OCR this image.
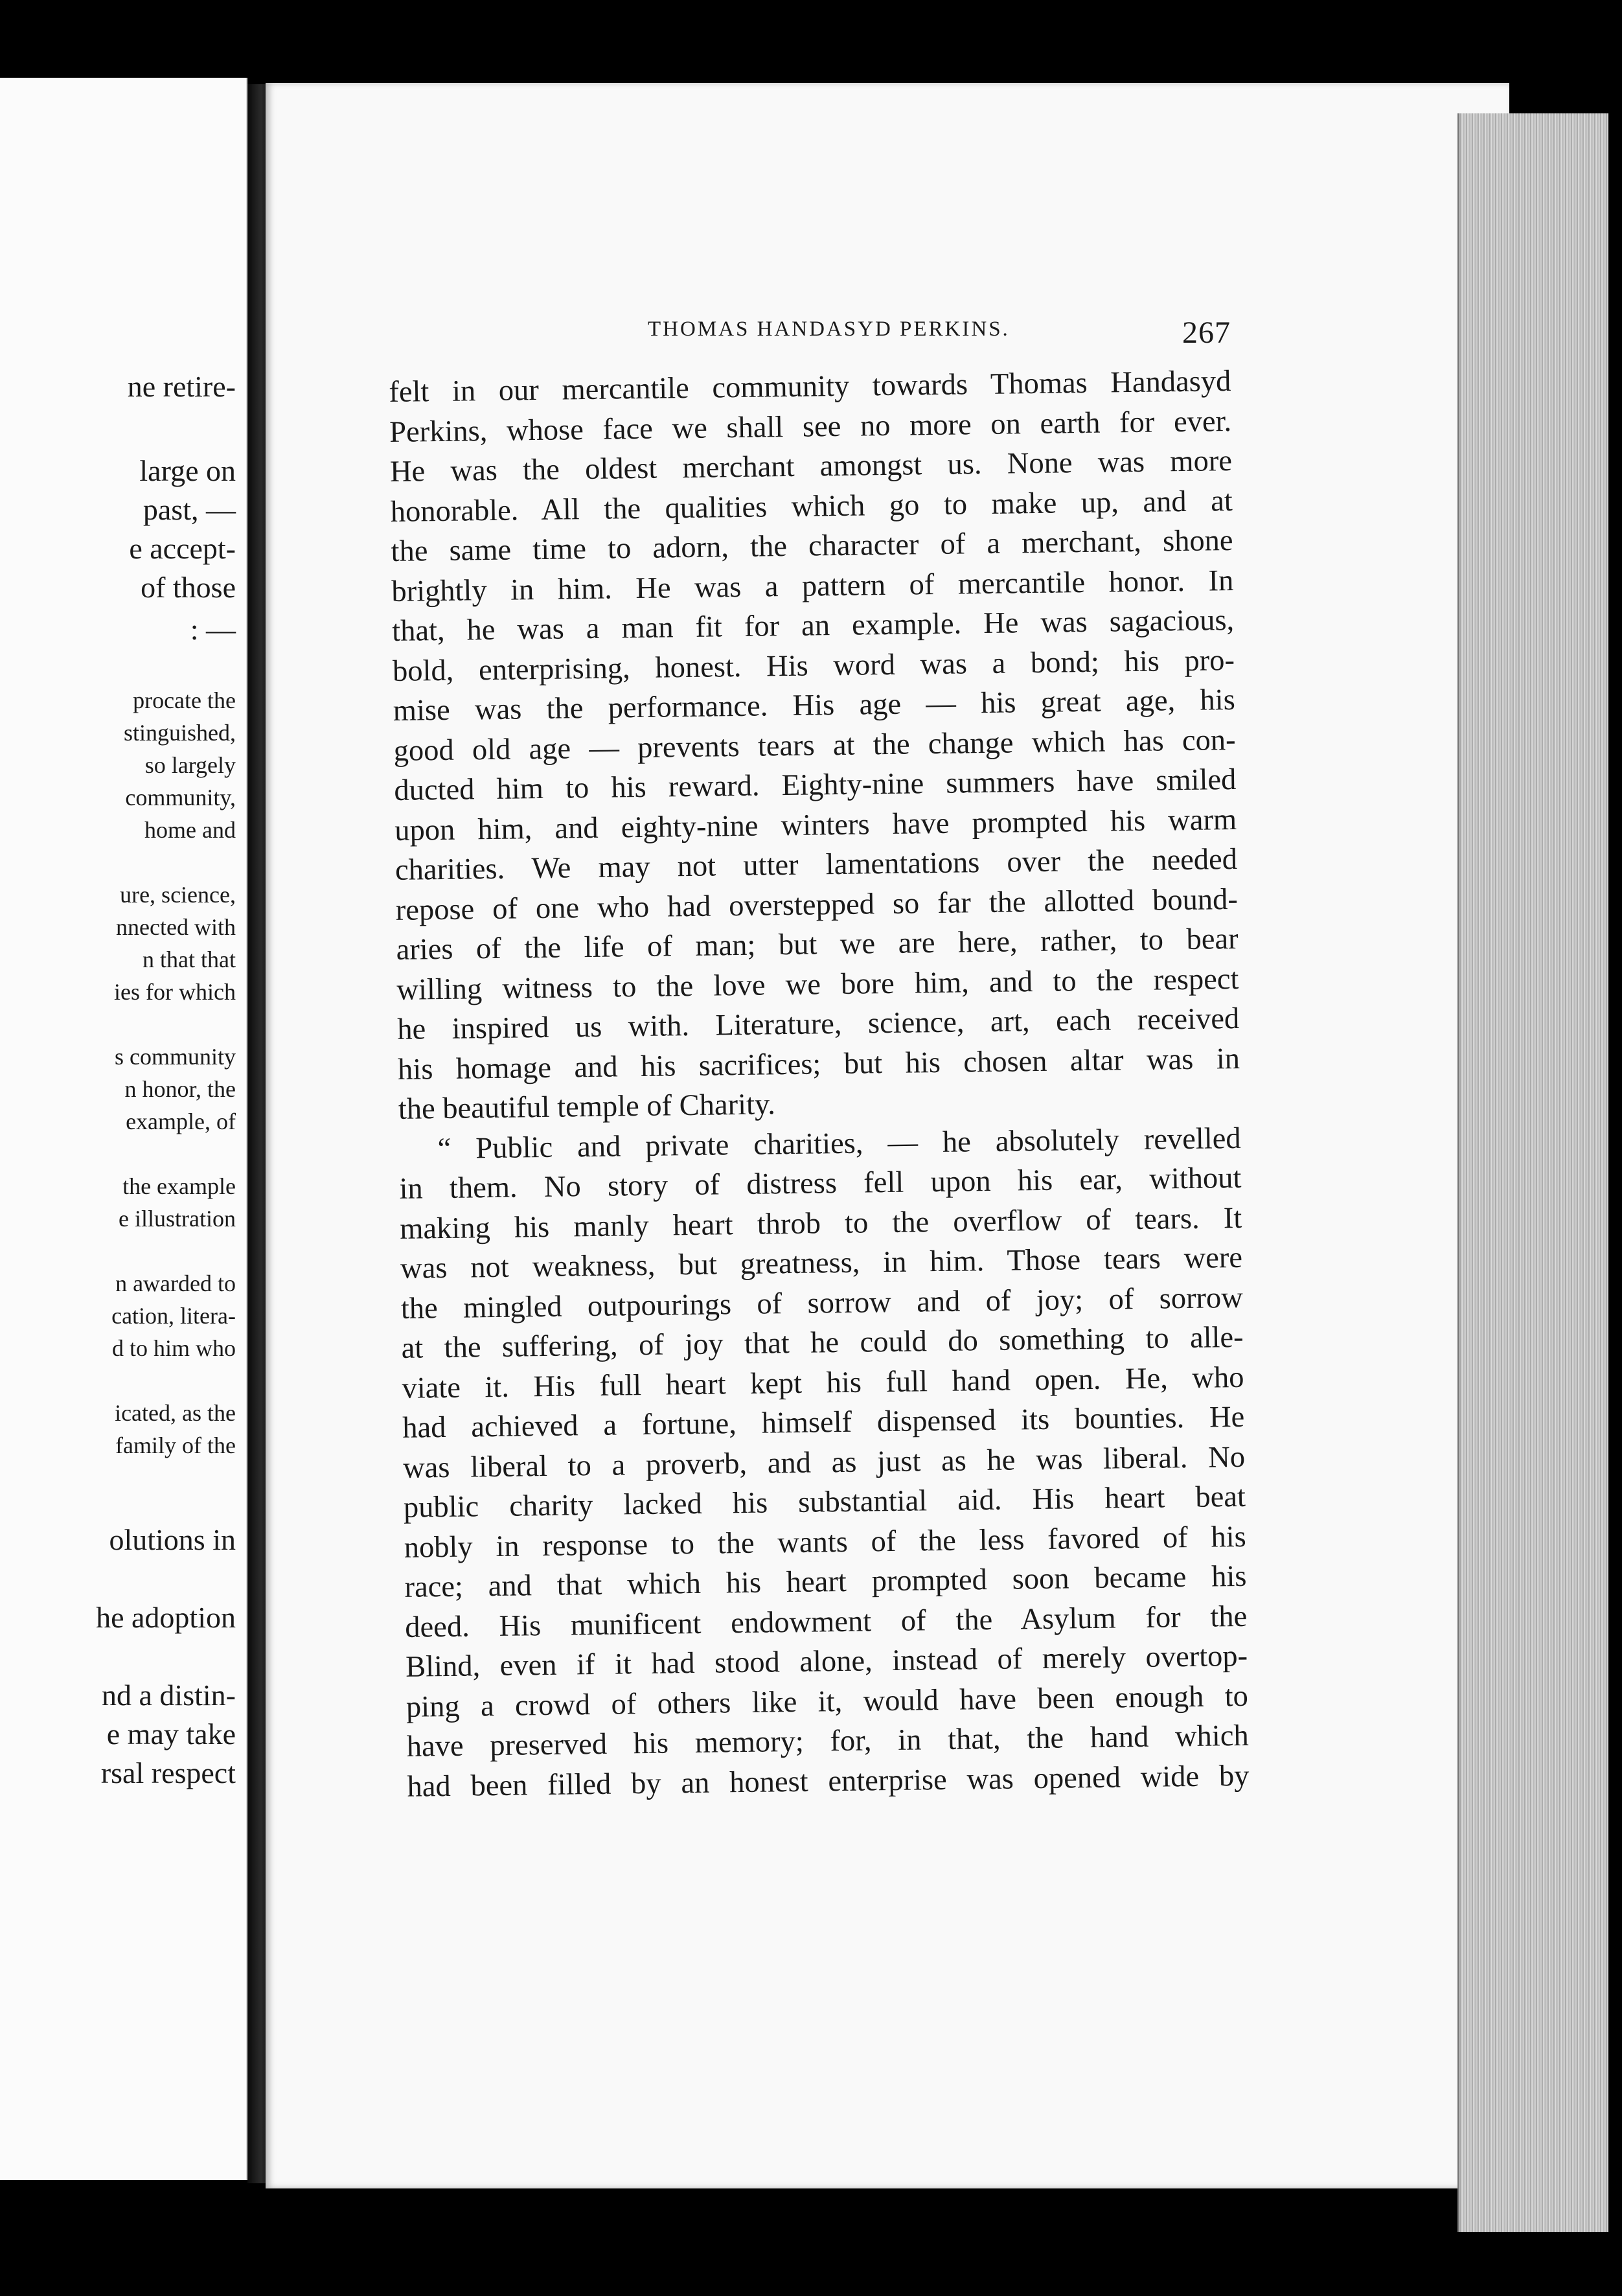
ne retire-
large on
past, —
e accept-
of those
: —
procate the
stinguished,
so largely
community,
home and
ure, science,
nnected with
n that that
ies for which
s community
n honor, the
example, of
the example
e illustration
n awarded to
cation, litera-
d to him who
icated, as the
family of the
olutions in
he adoption
nd a distin-
e may take
rsal respect
THOMAS HANDASYD PERKINS.	267
felt in our mercantile community towards Thomas Handasyd
Perkins, whose face we shall see no more on earth for ever.
He was the oldest merchant amongst us. None was more
honorable. All the qualities which go to make up, and at
the same time to adorn, the character of a merchant, shone
brightly in him. He was a pattern of mercantile honor. In
that, he was a man fit for an example. He was sagacious,
bold, enterprising, honest. His word was a bond; his pro-
mise was the performance. His age — his great age, his
good old age — prevents tears at the change which has con-
ducted him to his reward. Eighty-nine summers have smiled
upon him, and eighty-nine winters have prompted his warm
charities. We may not utter lamentations over the needed
repose of one who had overstepped so far the allotted bound-
aries of the life of man; but we are here, rather, to bear
willing witness to the love we bore him, and to the respect
he inspired us with. Literature, science, art, each received
his homage and his sacrifices; but his chosen altar was in
the beautiful temple of Charity.
“ Public and private charities, — he absolutely revelled
in them. No story of distress fell upon his ear, without
making his manly heart throb to the overflow of tears. It
was not weakness, but greatness, in him. Those tears were
the mingled outpourings of sorrow and of joy; of sorrow
at the suffering, of joy that he could do something to alle-
viate it. His full heart kept his full hand open. He, who
had achieved a fortune, himself dispensed its bounties. He
was liberal to a proverb, and as just as he was liberal. No
public charity lacked his substantial aid. His heart beat
nobly in response to the wants of the less favored of his
race; and that which his heart prompted soon became his
deed. His munificent endowment of the Asylum for the
Blind, even if it had stood alone, instead of merely overtop-
ping a crowd of others like it, would have been enough to
have preserved his memory; for, in that, the hand which
had been filled by an honest enterprise was opened wide by
